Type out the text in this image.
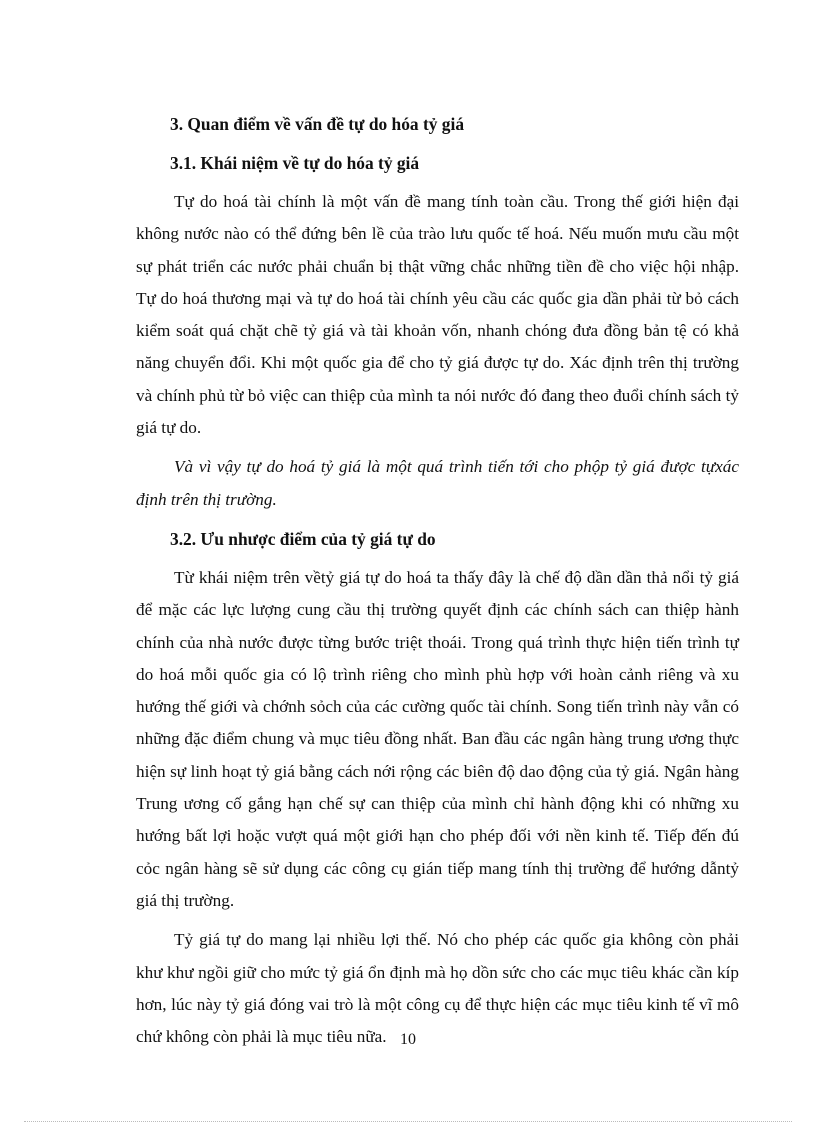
3. Quan điểm về vấn đề tự do hóa tỷ giá
3.1. Khái niệm về tự do hóa tỷ giá

Tự do hoá tài chính là một vấn đề mang tính toàn cầu. Trong thế giới hiện đại không nước nào có thể đứng bên lề của trào lưu quốc tế hoá. Nếu muốn mưu cầu một sự phát triển các nước phải chuẩn bị thật vững chắc những tiền đề cho việc hội nhập. Tự do hoá thương mại và tự do hoá tài chính yêu cầu các quốc gia dần phải từ bỏ cách kiểm soát quá chặt chẽ tỷ giá và tài khoản vốn, nhanh chóng đưa đồng bản tệ có khả năng chuyển đổi. Khi một quốc gia để cho tỷ giá được tự do. Xác định trên thị trường và chính phủ từ bỏ việc can thiệp của mình ta nói nước đó đang theo đuổi chính sách tỷ giá tự do.

Và vì vậy tự do hoá tỷ giá là một quá trình tiến tới cho phộp tỷ giá được tựxác định trên thị trường.

3.2. Ưu nhược điểm của tỷ giá tự do

Từ khái niệm trên vềtỷ giá tự do hoá ta thấy đây là chế độ dần dần thả nổi tỷ giá để mặc các lực lượng cung cầu thị trường quyết định các chính sách can thiệp hành chính của nhà nước được từng bước triệt thoái. Trong quá trình thực hiện tiến trình tự do hoá mỗi quốc gia có lộ trình riêng cho mình phù hợp với hoàn cảnh riêng và xu hướng thế giới và chớnh sỏch của các cường quốc tài chính. Song tiến trình này vẫn có những đặc điểm chung và mục tiêu đồng nhất. Ban đầu các ngân hàng trung ương thực hiện sự linh hoạt tỷ giá bằng cách nới rộng các biên độ dao động của tỷ giá. Ngân hàng Trung ương cố gắng hạn chế sự can thiệp của mình chỉ hành động khi có những xu hướng bất lợi hoặc vượt quá một giới hạn cho phép đối với nền kinh tế. Tiếp đến đú cỏc ngân hàng sẽ sử dụng các công cụ gián tiếp mang tính thị trường để hướng dẫntỷ giá thị trường.

Tỷ giá tự do mang lại nhiều lợi thế. Nó cho phép các quốc gia không còn phải khư khư ngồi giữ cho mức tỷ giá ổn định mà họ dồn sức cho các mục tiêu khác cần kíp hơn, lúc này tỷ giá đóng vai trò là một công cụ để thực hiện các mục tiêu kinh tế vĩ mô chứ không còn phải là mục tiêu nữa. 10
